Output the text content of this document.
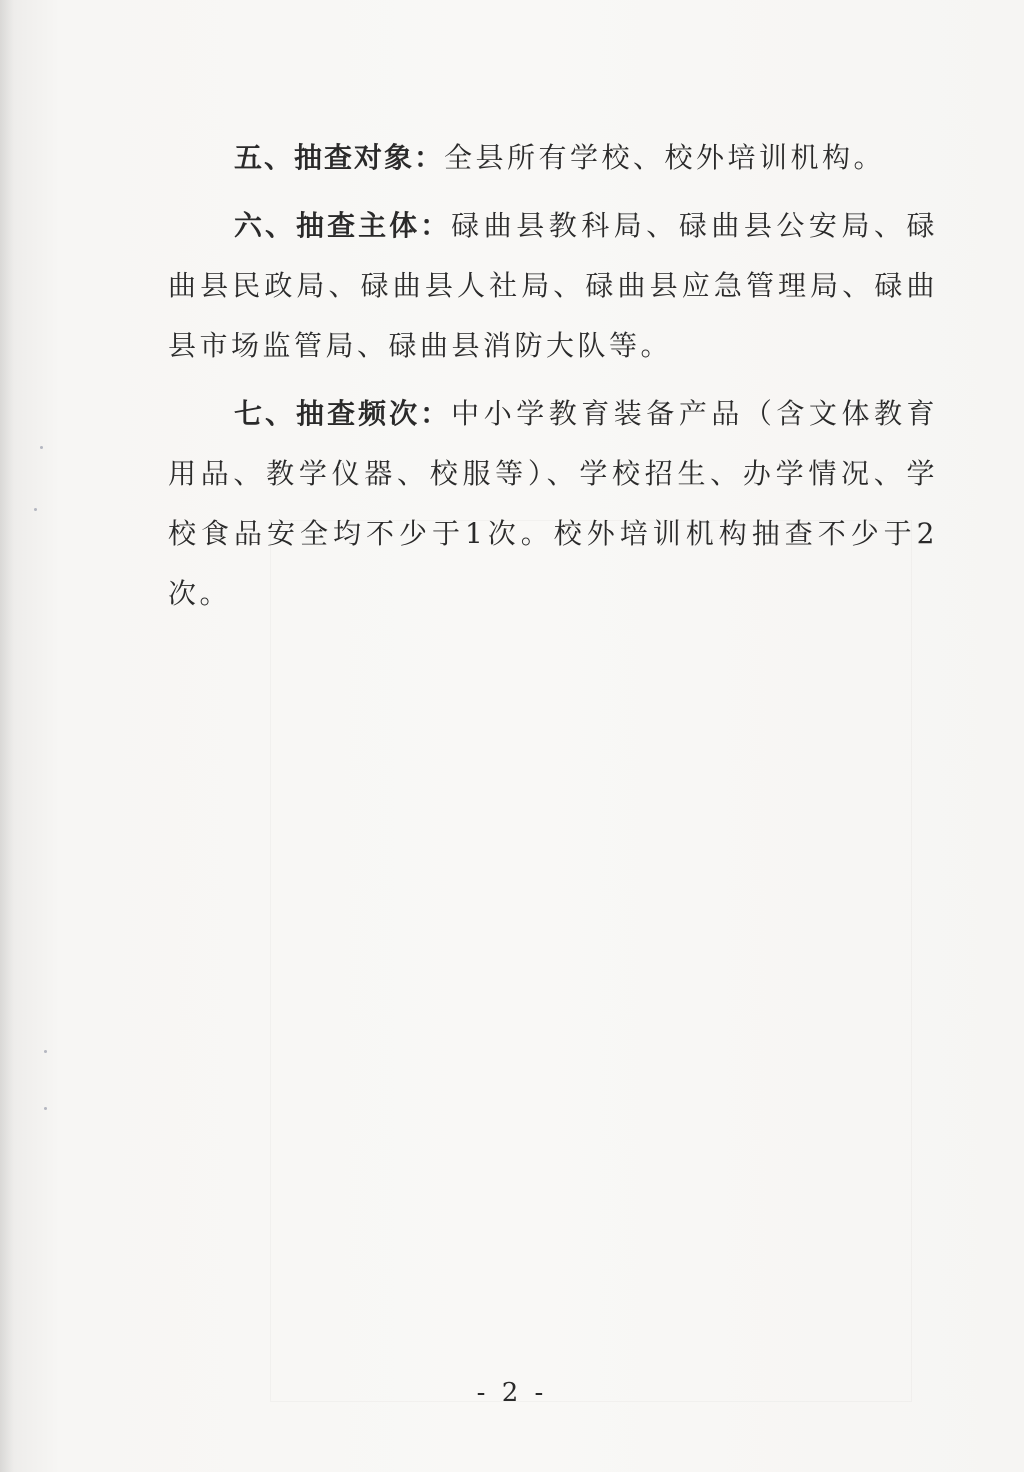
五、抽查对象：全县所有学校、校外培训机构。

六、抽查主体：碌曲县教科局、碌曲县公安局、碌曲县民政局、碌曲县人社局、碌曲县应急管理局、碌曲县市场监管局、碌曲县消防大队等。

七、抽查频次：中小学教育装备产品（含文体教育用品、教学仪器、校服等）、学校招生、办学情况、学校食品安全均不少于1次。校外培训机构抽查不少于2次。

- 2 -
